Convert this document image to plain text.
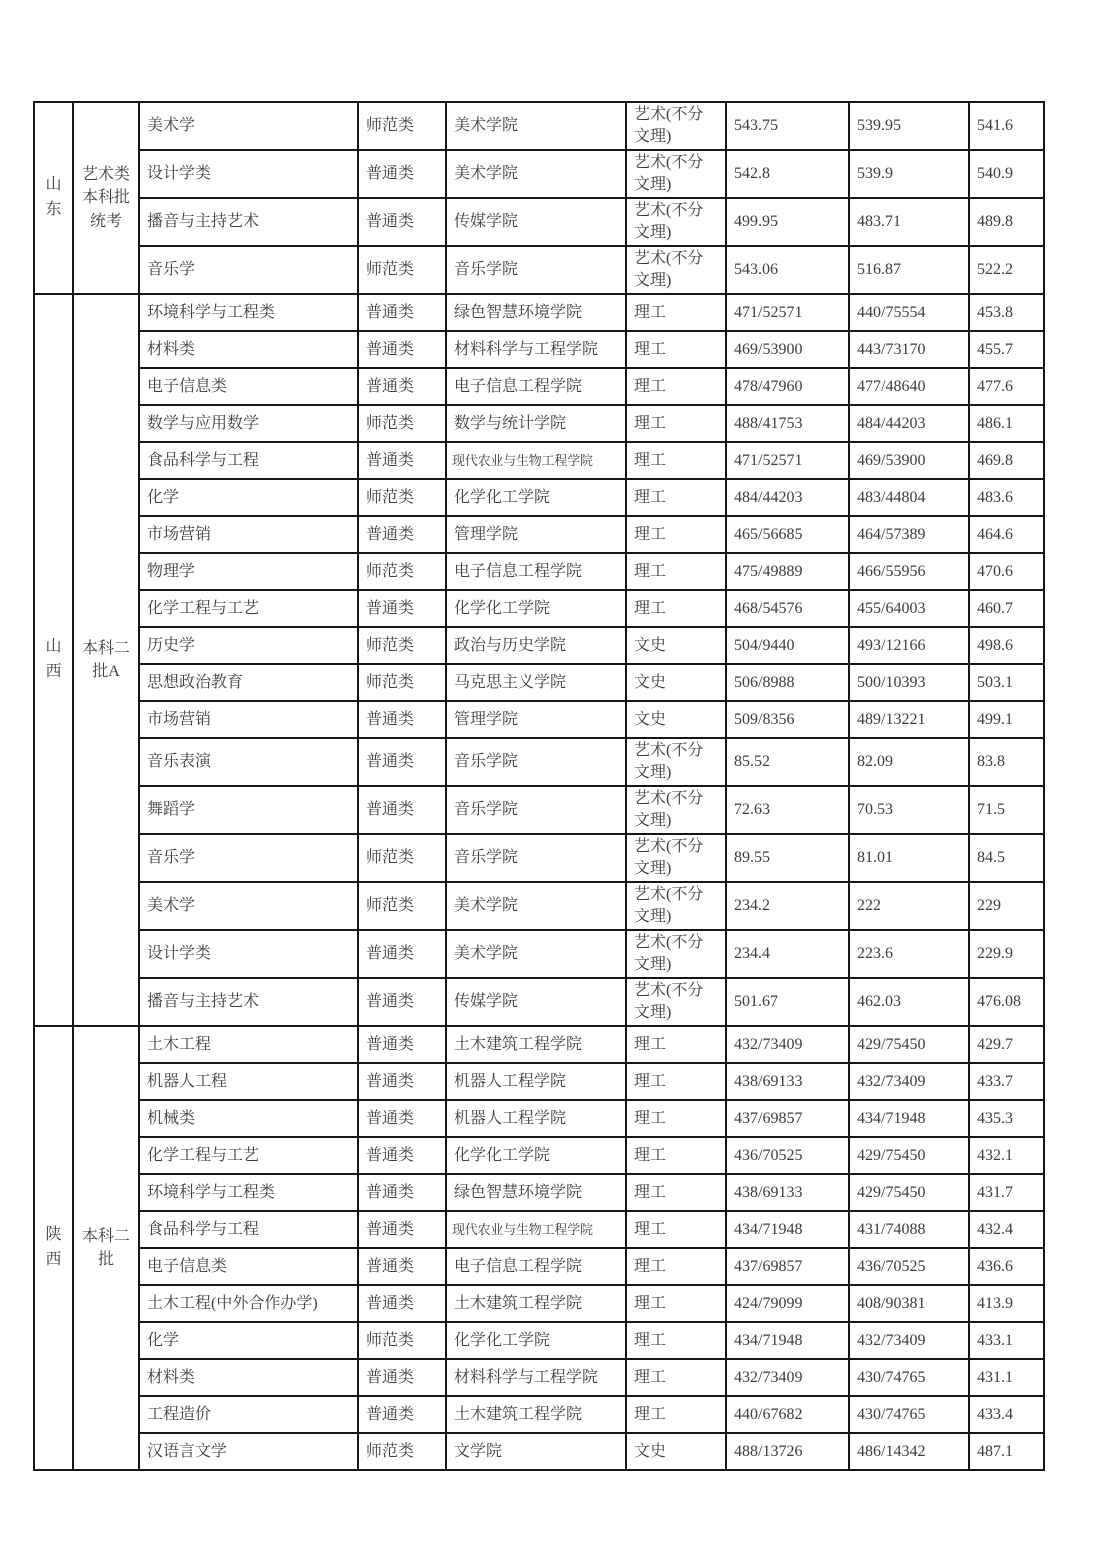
山东	艺术类本科批统考	美术学	师范类	美术学院	艺术(不分文理)	543.75	539.95	541.6
		设计学类	普通类	美术学院	艺术(不分文理)	542.8	539.9	540.9
		播音与主持艺术	普通类	传媒学院	艺术(不分文理)	499.95	483.71	489.8
		音乐学	师范类	音乐学院	艺术(不分文理)	543.06	516.87	522.2
山西	本科二批A	环境科学与工程类	普通类	绿色智慧环境学院	理工	471/52571	440/75554	453.8
		材料类	普通类	材料科学与工程学院	理工	469/53900	443/73170	455.7
		电子信息类	普通类	电子信息工程学院	理工	478/47960	477/48640	477.6
		数学与应用数学	师范类	数学与统计学院	理工	488/41753	484/44203	486.1
		食品科学与工程	普通类	现代农业与生物工程学院	理工	471/52571	469/53900	469.8
		化学	师范类	化学化工学院	理工	484/44203	483/44804	483.6
		市场营销	普通类	管理学院	理工	465/56685	464/57389	464.6
		物理学	师范类	电子信息工程学院	理工	475/49889	466/55956	470.6
		化学工程与工艺	普通类	化学化工学院	理工	468/54576	455/64003	460.7
		历史学	师范类	政治与历史学院	文史	504/9440	493/12166	498.6
		思想政治教育	师范类	马克思主义学院	文史	506/8988	500/10393	503.1
		市场营销	普通类	管理学院	文史	509/8356	489/13221	499.1
		音乐表演	普通类	音乐学院	艺术(不分文理)	85.52	82.09	83.8
		舞蹈学	普通类	音乐学院	艺术(不分文理)	72.63	70.53	71.5
		音乐学	师范类	音乐学院	艺术(不分文理)	89.55	81.01	84.5
		美术学	师范类	美术学院	艺术(不分文理)	234.2	222	229
		设计学类	普通类	美术学院	艺术(不分文理)	234.4	223.6	229.9
		播音与主持艺术	普通类	传媒学院	艺术(不分文理)	501.67	462.03	476.08
陕西	本科二批	土木工程	普通类	土木建筑工程学院	理工	432/73409	429/75450	429.7
		机器人工程	普通类	机器人工程学院	理工	438/69133	432/73409	433.7
		机械类	普通类	机器人工程学院	理工	437/69857	434/71948	435.3
		化学工程与工艺	普通类	化学化工学院	理工	436/70525	429/75450	432.1
		环境科学与工程类	普通类	绿色智慧环境学院	理工	438/69133	429/75450	431.7
		食品科学与工程	普通类	现代农业与生物工程学院	理工	434/71948	431/74088	432.4
		电子信息类	普通类	电子信息工程学院	理工	437/69857	436/70525	436.6
		土木工程(中外合作办学)	普通类	土木建筑工程学院	理工	424/79099	408/90381	413.9
		化学	师范类	化学化工学院	理工	434/71948	432/73409	433.1
		材料类	普通类	材料科学与工程学院	理工	432/73409	430/74765	431.1
		工程造价	普通类	土木建筑工程学院	理工	440/67682	430/74765	433.4
		汉语言文学	师范类	文学院	文史	488/13726	486/14342	487.1
